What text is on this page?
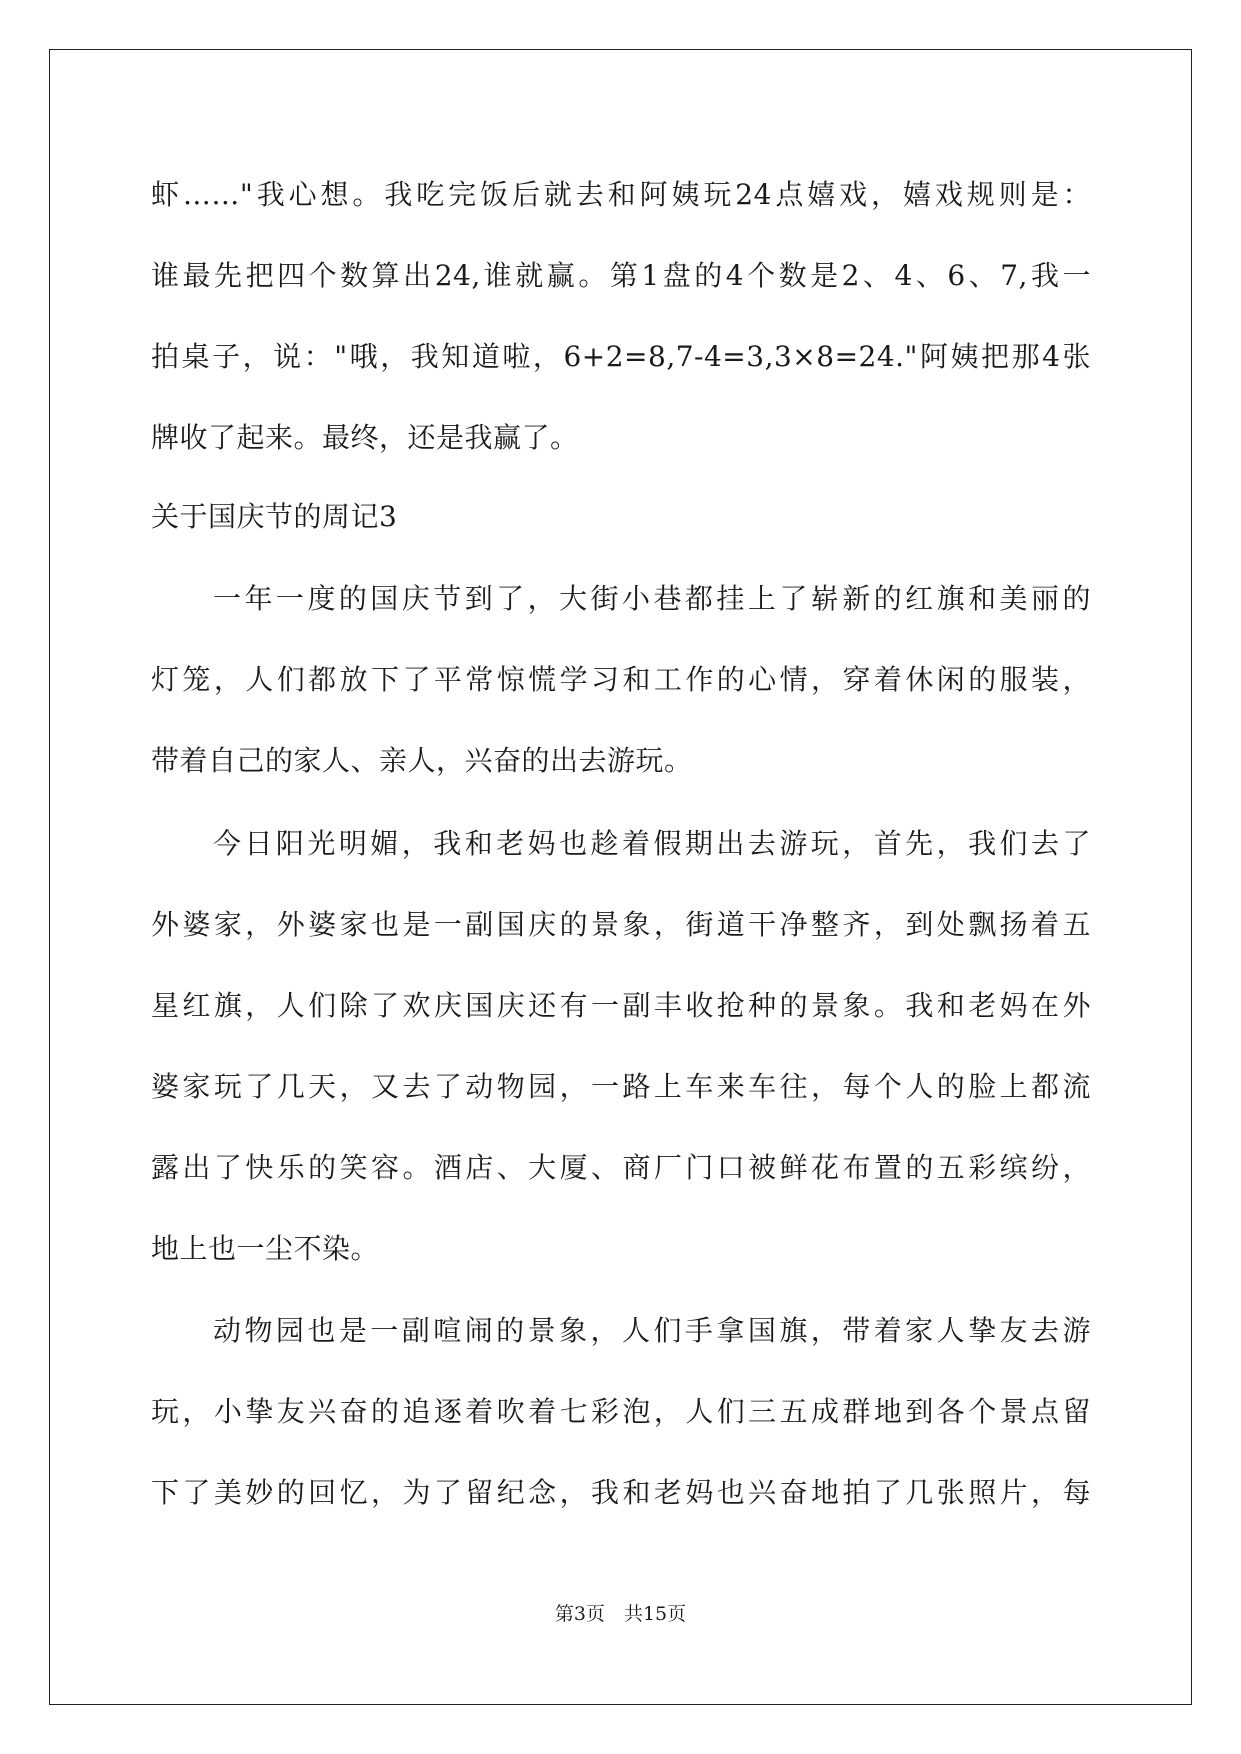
虾……"我心想。我吃完饭后就去和阿姨玩24点嬉戏，嬉戏规则是：
谁最先把四个数算出24,谁就赢。第1盘的4个数是2、4、6、7,我一
拍桌子，说："哦，我知道啦，6+2=8,7-4=3,3×8=24."阿姨把那4张
牌收了起来。最终，还是我赢了。
关于国庆节的周记3
一年一度的国庆节到了，大街小巷都挂上了崭新的红旗和美丽的
灯笼，人们都放下了平常惊慌学习和工作的心情，穿着休闲的服装，
带着自己的家人、亲人，兴奋的出去游玩。
今日阳光明媚，我和老妈也趁着假期出去游玩，首先，我们去了
外婆家，外婆家也是一副国庆的景象，街道干净整齐，到处飘扬着五
星红旗，人们除了欢庆国庆还有一副丰收抢种的景象。我和老妈在外
婆家玩了几天，又去了动物园，一路上车来车往，每个人的脸上都流
露出了快乐的笑容。酒店、大厦、商厂门口被鲜花布置的五彩缤纷，
地上也一尘不染。
动物园也是一副喧闹的景象，人们手拿国旗，带着家人挚友去游
玩，小挚友兴奋的追逐着吹着七彩泡，人们三五成群地到各个景点留
下了美妙的回忆，为了留纪念，我和老妈也兴奋地拍了几张照片，每
第3页　共15页
